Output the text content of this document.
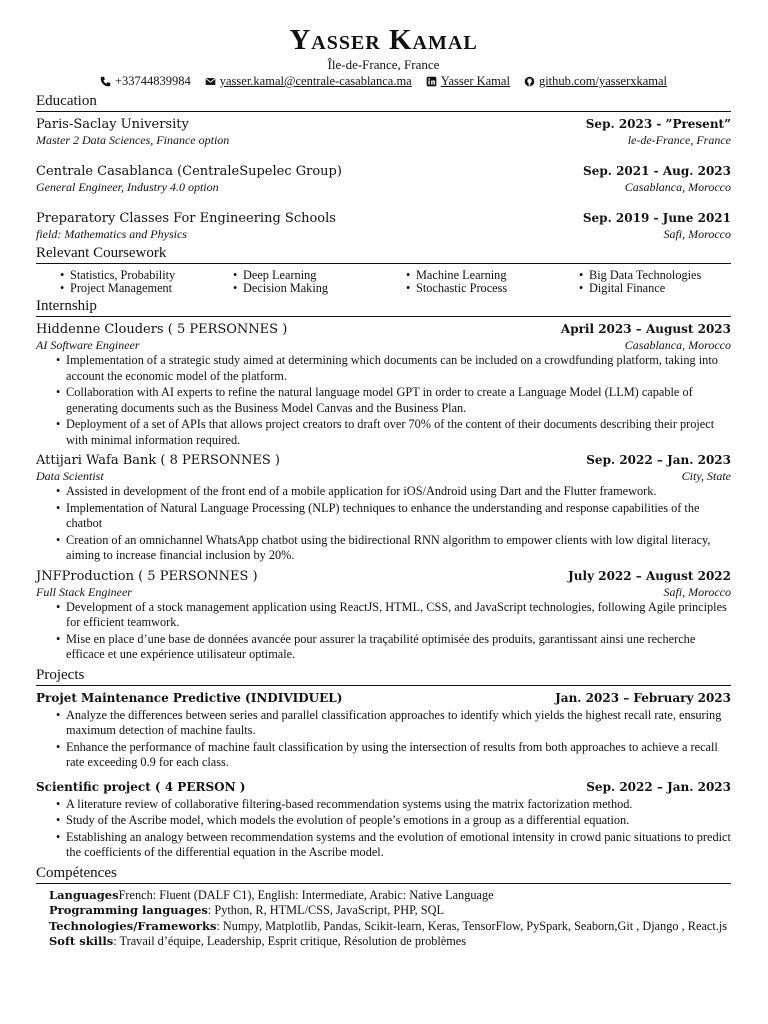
Yasser Kamal
Île-de-France, France
+33744839984 yasser.kamal@centrale-casablanca.ma Yasser Kamal github.com/yasserxkamal
Education
Paris-Saclay University	Sep. 2023 - ”Present”
Master 2 Data Sciences, Finance option	le-de-France, France
Centrale Casablanca (CentraleSupelec Group)	Sep. 2021 - Aug. 2023
General Engineer, Industry 4.0 option	Casablanca, Morocco
Preparatory Classes For Engineering Schools	Sep. 2019 - June 2021
field: Mathematics and Physics	Safi, Morocco
Relevant Coursework
• Statistics, Probability	• Deep Learning	• Machine Learning	• Big Data Technologies
• Project Management	• Decision Making	• Stochastic Process	• Digital Finance
Internship
Hiddenne Clouders ( 5 PERSONNES )	April 2023 – August 2023
AI Software Engineer	Casablanca, Morocco
• Implementation of a strategic study aimed at determining which documents can be included on a crowdfunding platform, taking into account the economic model of the platform.
• Collaboration with AI experts to refine the natural language model GPT in order to create a Language Model (LLM) capable of generating documents such as the Business Model Canvas and the Business Plan.
• Deployment of a set of APIs that allows project creators to draft over 70% of the content of their documents describing their project with minimal information required.
Attijari Wafa Bank ( 8 PERSONNES )	Sep. 2022 – Jan. 2023
Data Scientist	City, State
• Assisted in development of the front end of a mobile application for iOS/Android using Dart and the Flutter framework.
• Implementation of Natural Language Processing (NLP) techniques to enhance the understanding and response capabilities of the chatbot
• Creation of an omnichannel WhatsApp chatbot using the bidirectional RNN algorithm to empower clients with low digital literacy, aiming to increase financial inclusion by 20%.
JNFProduction ( 5 PERSONNES )	July 2022 – August 2022
Full Stack Engineer	Safi, Morocco
• Development of a stock management application using ReactJS, HTML, CSS, and JavaScript technologies, following Agile principles for efficient teamwork.
• Mise en place d’une base de données avancée pour assurer la traçabilité optimisée des produits, garantissant ainsi une recherche efficace et une expérience utilisateur optimale.
Projects
Projet Maintenance Predictive (INDIVIDUEL)	Jan. 2023 – February 2023
• Analyze the differences between series and parallel classification approaches to identify which yields the highest recall rate, ensuring maximum detection of machine faults.
• Enhance the performance of machine fault classification by using the intersection of results from both approaches to achieve a recall rate exceeding 0.9 for each class.
Scientific project ( 4 PERSON )	Sep. 2022 – Jan. 2023
• A literature review of collaborative filtering-based recommendation systems using the matrix factorization method.
• Study of the Ascribe model, which models the evolution of people’s emotions in a group as a differential equation.
• Establishing an analogy between recommendation systems and the evolution of emotional intensity in crowd panic situations to predict the coefficients of the differential equation in the Ascribe model.
Compétences
LanguagesFrench: Fluent (DALF C1), English: Intermediate, Arabic: Native Language
Programming languages: Python, R, HTML/CSS, JavaScript, PHP, SQL
Technologies/Frameworks: Numpy, Matplotlib, Pandas, Scikit-learn, Keras, TensorFlow, PySpark, Seaborn,Git , Django , React.js
Soft skills: Travail d’équipe, Leadership, Esprit critique, Résolution de problèmes
